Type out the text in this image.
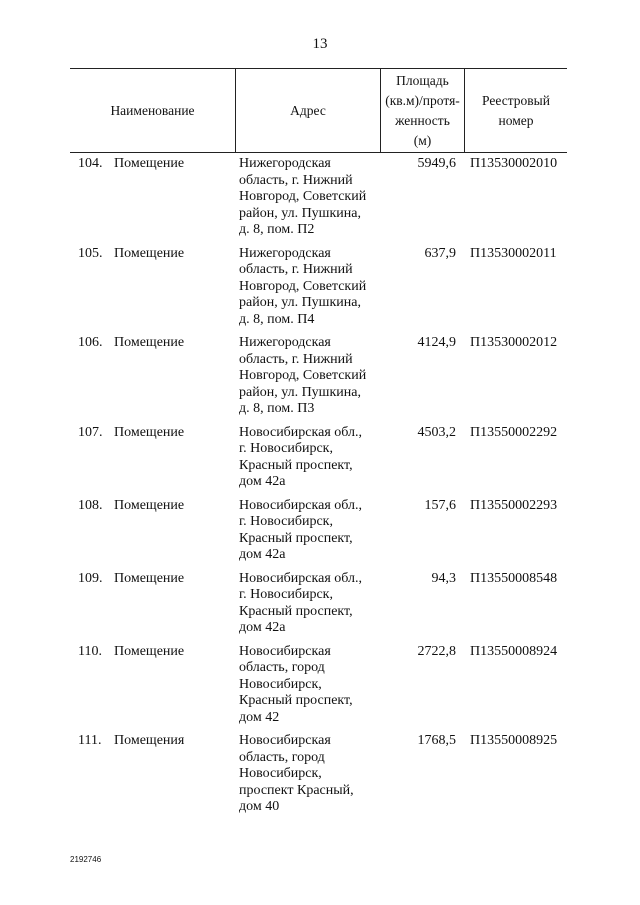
13
Наименование	Адрес
Площадь
(кв.м)/протя-
женность
(м)
Реестровый
номер
104. Помещение	Нижегородская
область, г. Нижний
Новгород, Советский
район, ул. Пушкина,
д. 8, пом. П2
5949,6 П13530002010
105. Помещение	Нижегородская
область, г. Нижний
Новгород, Советский
район, ул. Пушкина,
д. 8, пом. П4
637,9 П13530002011
106. Помещение	Нижегородская
область, г. Нижний
Новгород, Советский
район, ул. Пушкина,
д. 8, пом. П3
4124,9 П13530002012
107. Помещение	Новосибирская обл.,
г. Новосибирск,
Красный проспект,
дом 42а
4503,2 П13550002292
108. Помещение	Новосибирская обл.,
г. Новосибирск,
Красный проспект,
дом 42а
157,6 П13550002293
109. Помещение	Новосибирская обл.,
г. Новосибирск,
Красный проспект,
дом 42а
94,3 П13550008548
110. Помещение	Новосибирская
область, город
Новосибирск,
Красный проспект,
дом 42
2722,8 П13550008924
111. Помещения	Новосибирская
область, город
Новосибирск,
проспект Красный,
дом 40
1768,5 П13550008925
2192746
